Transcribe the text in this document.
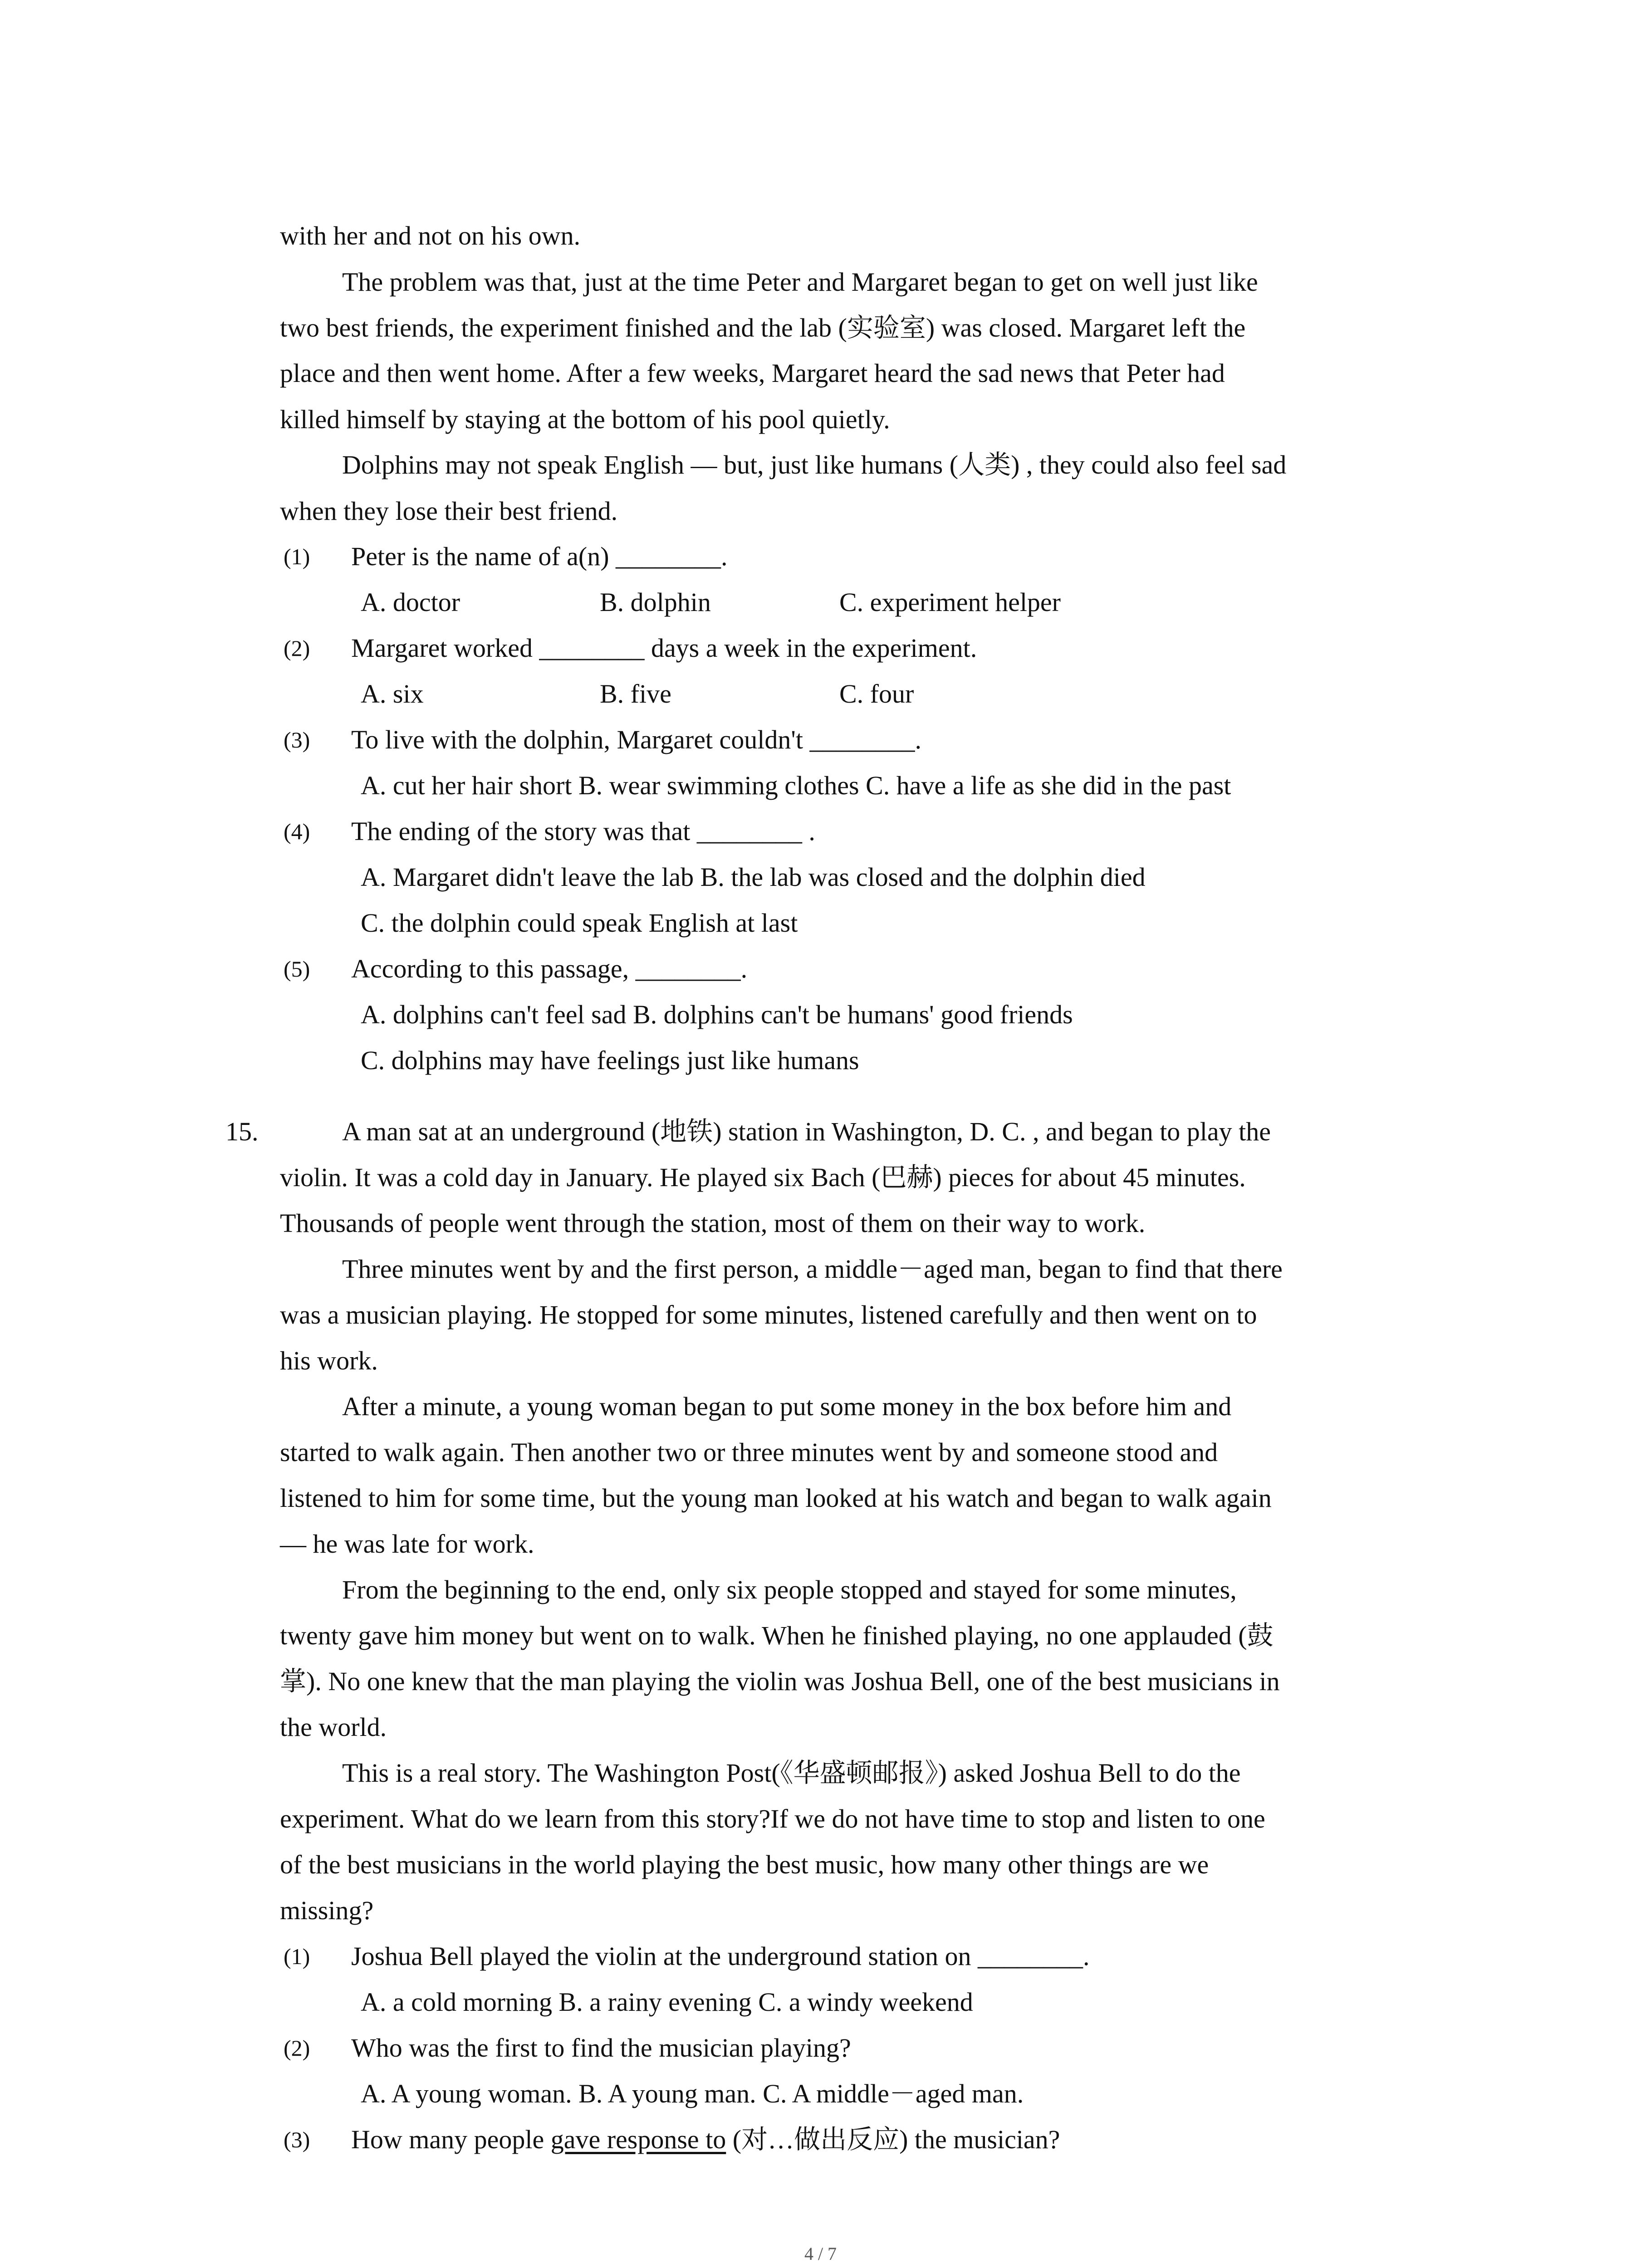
with her and not on his own.
The problem was that, just at the time Peter and Margaret began to get on well just like
two best friends, the experiment finished and the lab (实验室) was closed. Margaret left the
place and then went home. After a few weeks, Margaret heard the sad news that Peter had
killed himself by staying at the bottom of his pool quietly.
Dolphins may not speak English — but, just like humans (人类) , they could also feel sad
when they lose their best friend.
(1) Peter is the name of a(n) ________.
A. doctor	B. dolphin	C. experiment helper
(2) Margaret worked ________ days a week in the experiment.
A. six	B. five	C. four
(3) To live with the dolphin, Margaret couldn't ________.
A. cut her hair short B. wear swimming clothes C. have a life as she did in the past
(4) The ending of the story was that ________ .
A. Margaret didn't leave the lab B. the lab was closed and the dolphin died
C. the dolphin could speak English at last
(5) According to this passage, ________.
A. dolphins can't feel sad B. dolphins can't be humans' good friends
C. dolphins may have feelings just like humans
15.	A man sat at an underground (地铁) station in Washington, D. C. , and began to play the
violin. It was a cold day in January. He played six Bach (巴赫) pieces for about 45 minutes.
Thousands of people went through the station, most of them on their way to work.
Three minutes went by and the first person, a middle－aged man, began to find that there
was a musician playing. He stopped for some minutes, listened carefully and then went on to
his work.
After a minute, a young woman began to put some money in the box before him and
started to walk again. Then another two or three minutes went by and someone stood and
listened to him for some time, but the young man looked at his watch and began to walk again
— he was late for work.
From the beginning to the end, only six people stopped and stayed for some minutes,
twenty gave him money but went on to walk. When he finished playing, no one applauded (鼓
掌). No one knew that the man playing the violin was Joshua Bell, one of the best musicians in
the world.
This is a real story. The Washington Post(《华盛顿邮报》) asked Joshua Bell to do the
experiment. What do we learn from this story?If we do not have time to stop and listen to one
of the best musicians in the world playing the best music, how many other things are we
missing?
(1) Joshua Bell played the violin at the underground station on ________.
A. a cold morning B. a rainy evening C. a windy weekend
(2) Who was the first to find the musician playing?
A. A young woman. B. A young man. C. A middle－aged man.
(3) How many people gave response to (对…做出反应) the musician?
4 / 7
